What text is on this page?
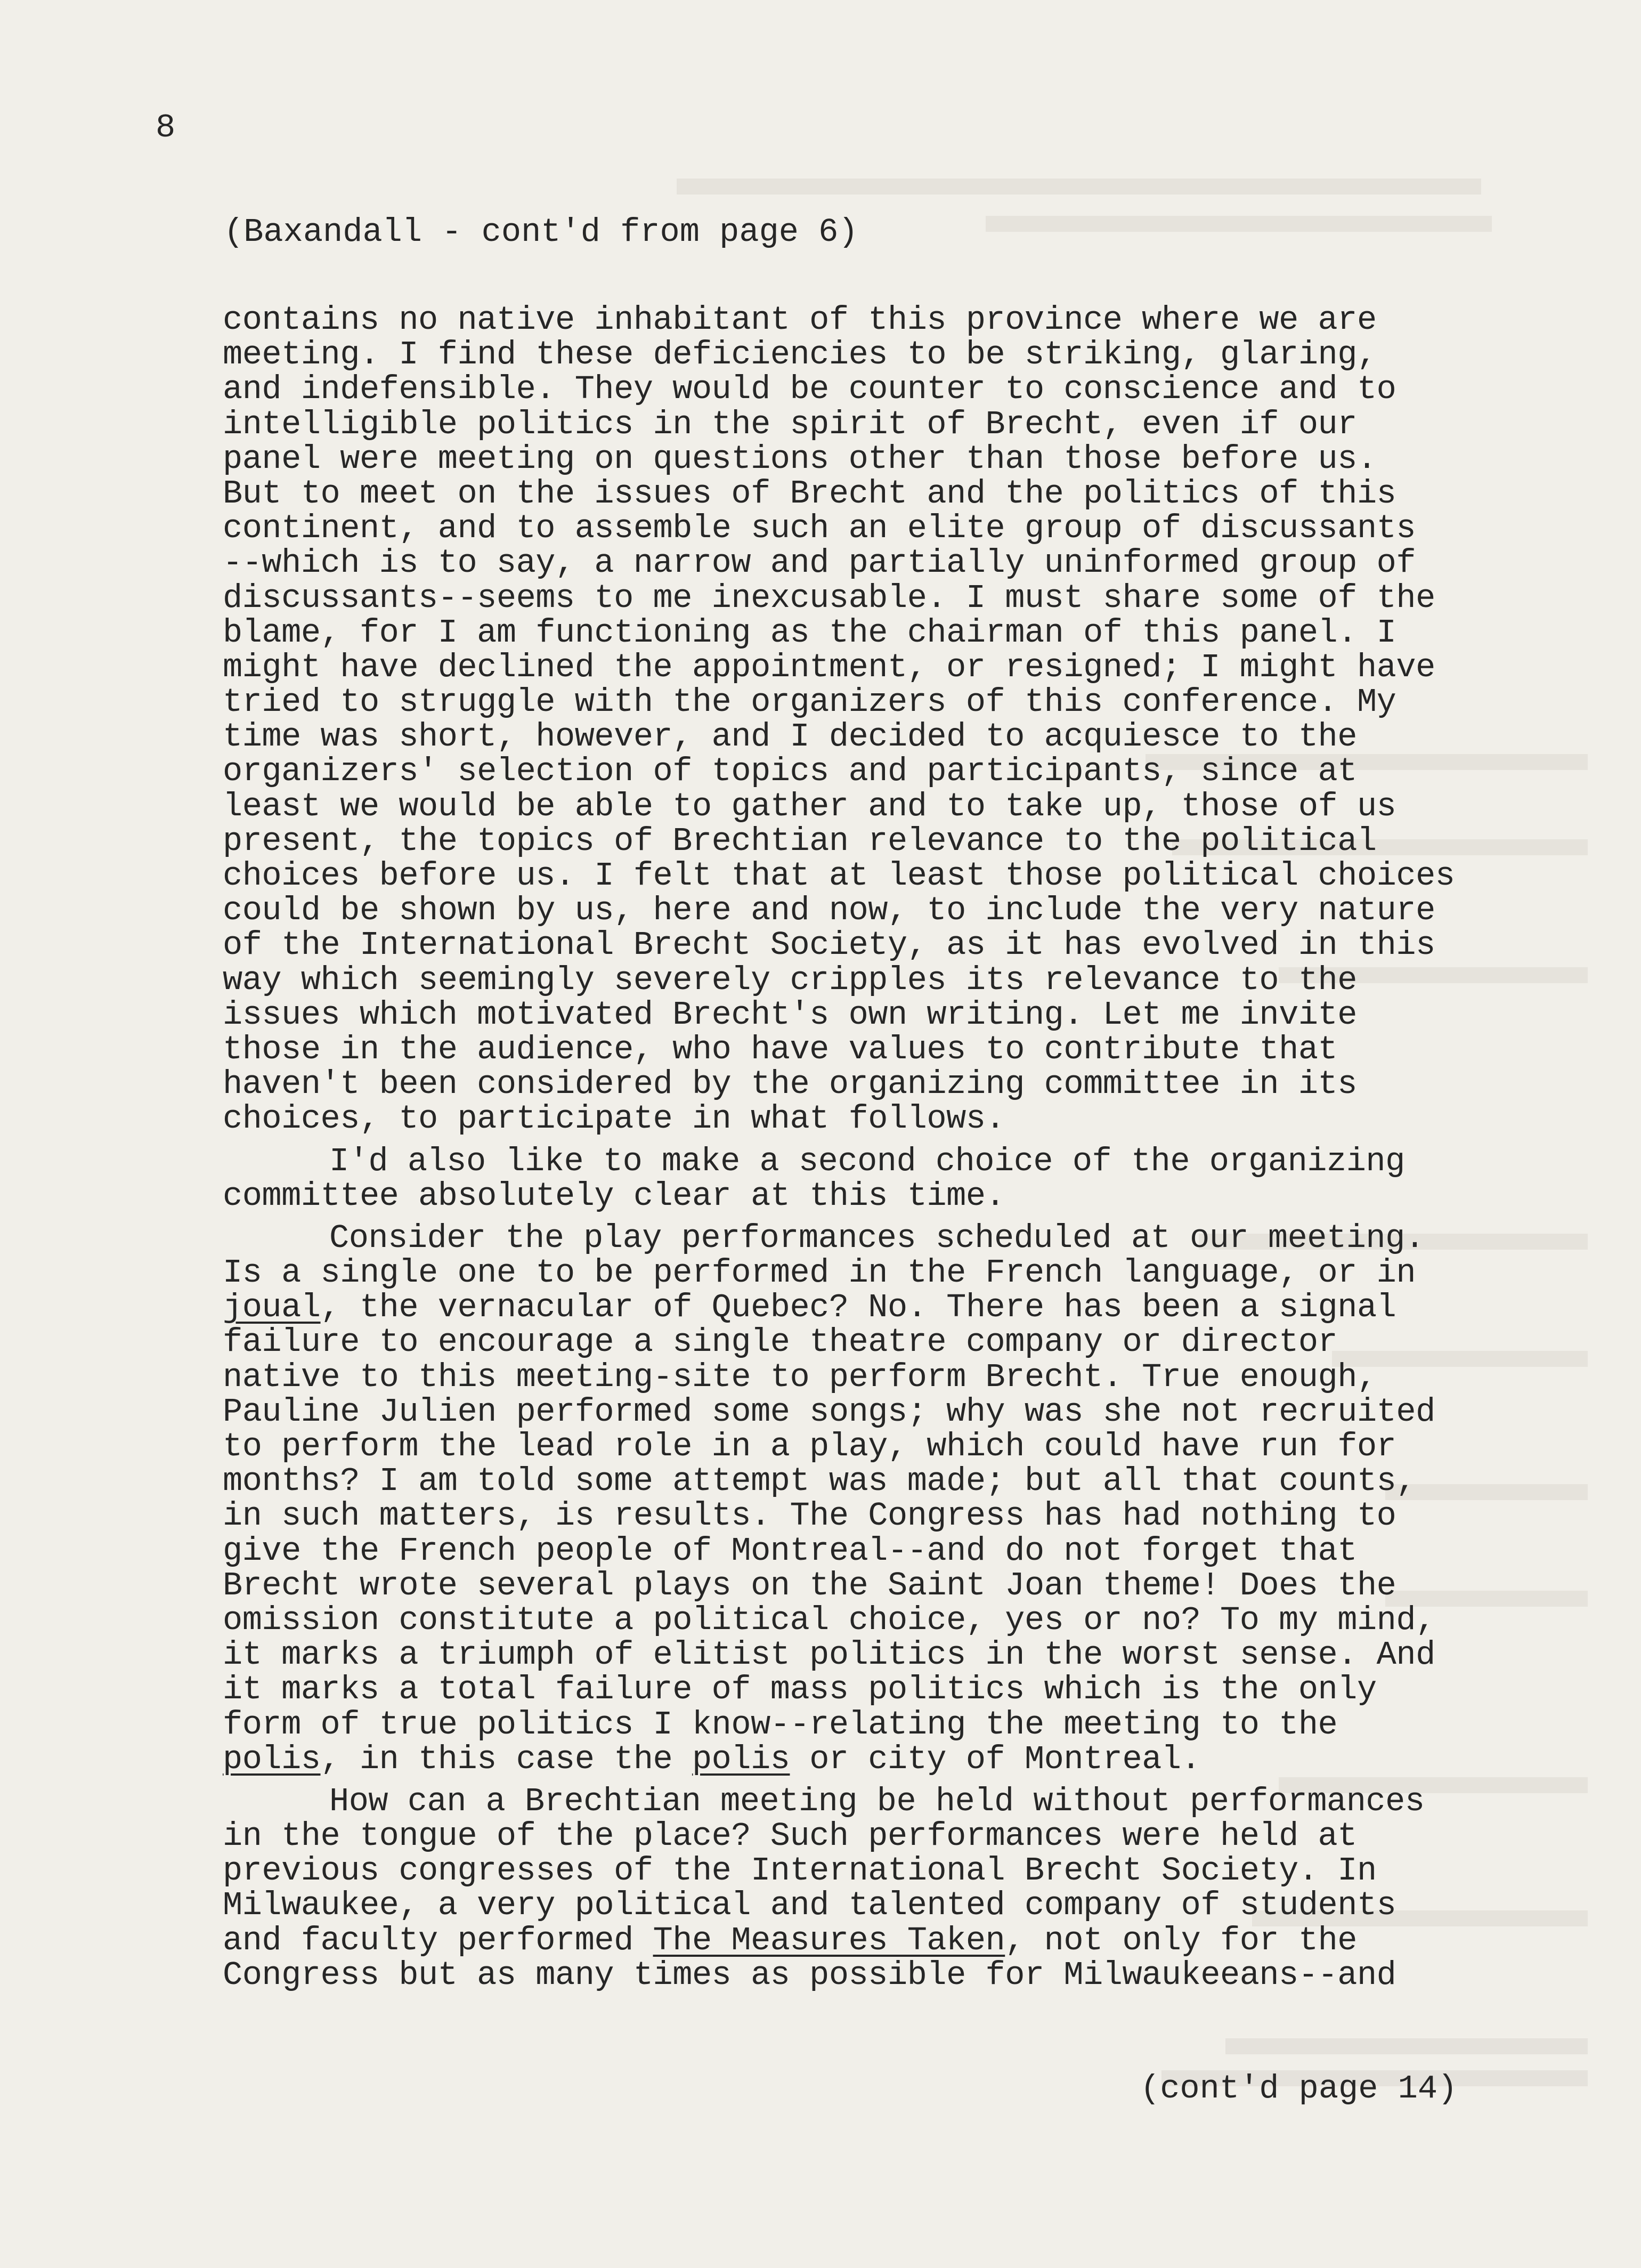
8
(Baxandall - cont'd from page 6)
contains no native inhabitant of this province where we are
meeting. I find these deficiencies to be striking, glaring,
and indefensible. They would be counter to conscience and to
intelligible politics in the spirit of Brecht, even if our
panel were meeting on questions other than those before us.
But to meet on the issues of Brecht and the politics of this
continent, and to assemble such an elite group of discussants
--which is to say, a narrow and partially uninformed group of
discussants--seems to me inexcusable. I must share some of the
blame, for I am functioning as the chairman of this panel. I
might have declined the appointment, or resigned; I might have
tried to struggle with the organizers of this conference. My
time was short, however, and I decided to acquiesce to the
organizers' selection of topics and participants, since at
least we would be able to gather and to take up, those of us
present, the topics of Brechtian relevance to the political
choices before us. I felt that at least those political choices
could be shown by us, here and now, to include the very nature
of the International Brecht Society, as it has evolved in this
way which seemingly severely cripples its relevance to the
issues which motivated Brecht's own writing. Let me invite
those in the audience, who have values to contribute that
haven't been considered by the organizing committee in its
choices, to participate in what follows.
I'd also like to make a second choice of the organizing
committee absolutely clear at this time.
Consider the play performances scheduled at our meeting.
Is a single one to be performed in the French language, or in
joual, the vernacular of Quebec? No. There has been a signal
failure to encourage a single theatre company or director
native to this meeting-site to perform Brecht. True enough,
Pauline Julien performed some songs; why was she not recruited
to perform the lead role in a play, which could have run for
months? I am told some attempt was made; but all that counts,
in such matters, is results. The Congress has had nothing to
give the French people of Montreal--and do not forget that
Brecht wrote several plays on the Saint Joan theme! Does the
omission constitute a political choice, yes or no? To my mind,
it marks a triumph of elitist politics in the worst sense. And
it marks a total failure of mass politics which is the only
form of true politics I know--relating the meeting to the
polis, in this case the polis or city of Montreal.
How can a Brechtian meeting be held without performances
in the tongue of the place? Such performances were held at
previous congresses of the International Brecht Society. In
Milwaukee, a very political and talented company of students
and faculty performed The Measures Taken, not only for the
Congress but as many times as possible for Milwaukeeans--and
(cont'd page 14)
